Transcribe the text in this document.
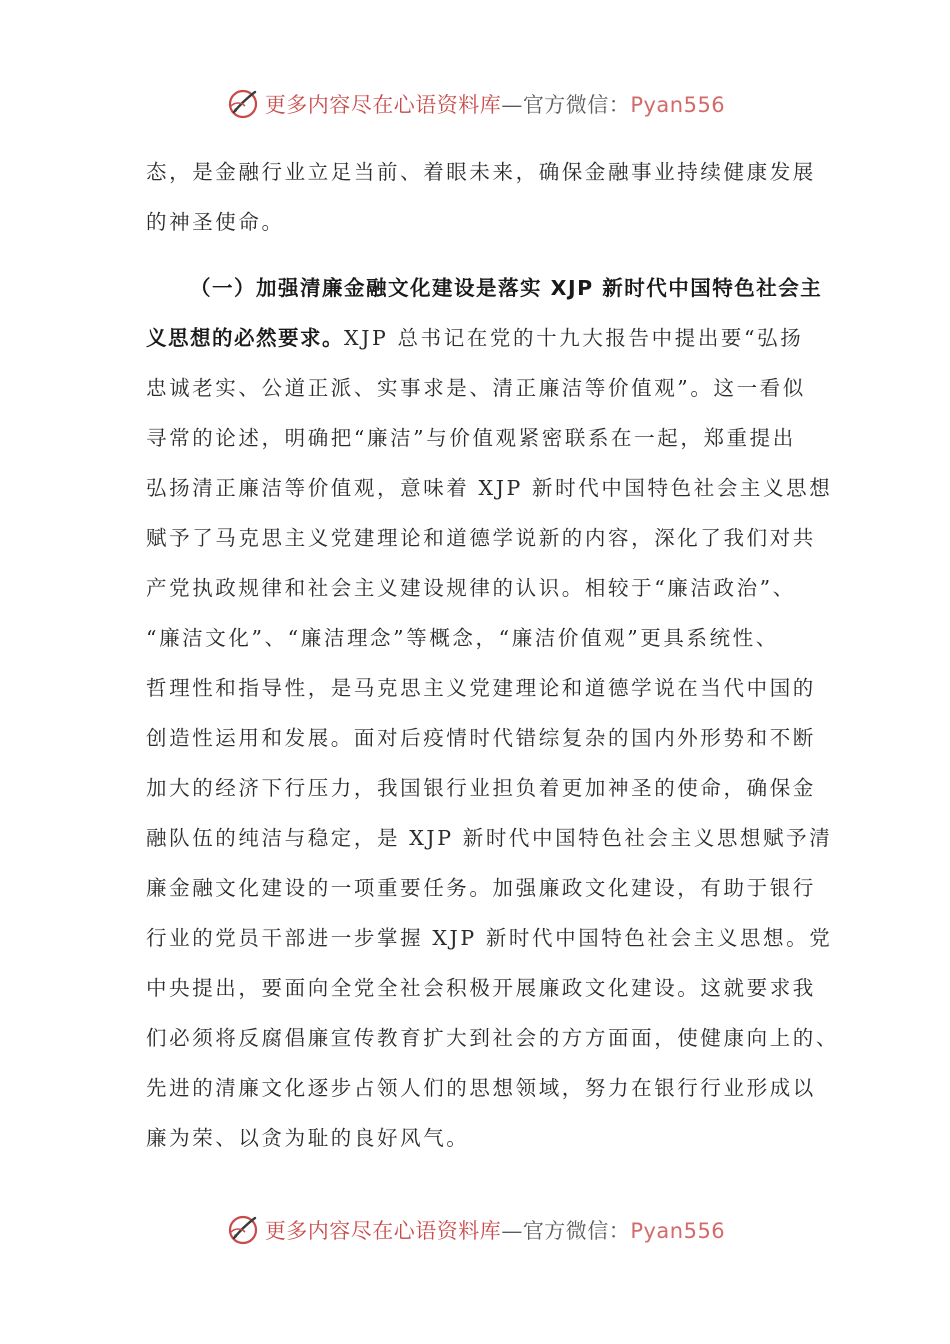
更多内容尽在心语资料库—官方微信：Pyan556
态，是金融行业立足当前、着眼未来，确保金融事业持续健康发展
的神圣使命。
（一）加强清廉金融文化建设是落实 XJP 新时代中国特色社会主
义思想的必然要求。XJP 总书记在党的十九大报告中提出要“弘扬
忠诚老实、公道正派、实事求是、清正廉洁等价值观”。这一看似
寻常的论述，明确把“廉洁”与价值观紧密联系在一起，郑重提出
弘扬清正廉洁等价值观，意味着 XJP 新时代中国特色社会主义思想
赋予了马克思主义党建理论和道德学说新的内容，深化了我们对共
产党执政规律和社会主义建设规律的认识。相较于“廉洁政治”、
“廉洁文化”、“廉洁理念”等概念，“廉洁价值观”更具系统性、
哲理性和指导性，是马克思主义党建理论和道德学说在当代中国的
创造性运用和发展。面对后疫情时代错综复杂的国内外形势和不断
加大的经济下行压力，我国银行业担负着更加神圣的使命，确保金
融队伍的纯洁与稳定，是 XJP 新时代中国特色社会主义思想赋予清
廉金融文化建设的一项重要任务。加强廉政文化建设，有助于银行
行业的党员干部进一步掌握 XJP 新时代中国特色社会主义思想。党
中央提出，要面向全党全社会积极开展廉政文化建设。这就要求我
们必须将反腐倡廉宣传教育扩大到社会的方方面面，使健康向上的、
先进的清廉文化逐步占领人们的思想领域，努力在银行行业形成以
廉为荣、以贪为耻的良好风气。
更多内容尽在心语资料库—官方微信：Pyan556
